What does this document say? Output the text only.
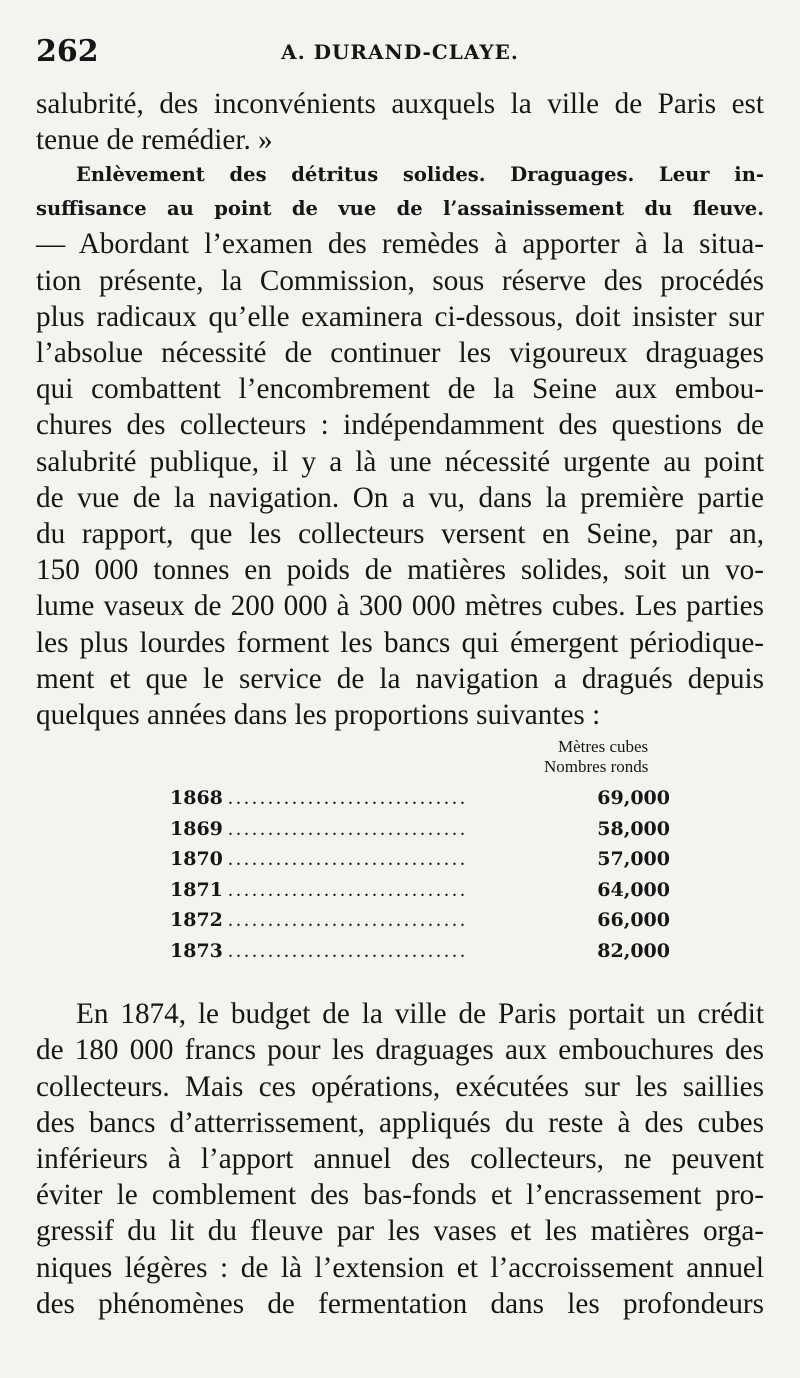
262	A. DURAND-CLAYE.
salubrité, des inconvénients auxquels la ville de Paris est
tenue de remédier. »
Enlèvement des détritus solides. Draguages. Leur in-
suffisance au point de vue de l’assainissement du fleuve.
— Abordant l’examen des remèdes à apporter à la situa-
tion présente, la Commission, sous réserve des procédés
plus radicaux qu’elle examinera ci-dessous, doit insister sur
l’absolue nécessité de continuer les vigoureux draguages
qui combattent l’encombrement de la Seine aux embou-
chures des collecteurs : indépendamment des questions de
salubrité publique, il y a là une nécessité urgente au point
de vue de la navigation. On a vu, dans la première partie
du rapport, que les collecteurs versent en Seine, par an,
150 000 tonnes en poids de matières solides, soit un vo-
lume vaseux de 200 000 à 300 000 mètres cubes. Les parties
les plus lourdes forment les bancs qui émergent périodique-
ment et que le service de la navigation a dragués depuis
quelques années dans les proportions suivantes :
Mètres cubes
Nombres ronds
1868 ..............................	69,000
1869 ..............................	58,000
1870 ..............................	57,000
1871 ..............................	64,000
1872 ..............................	66,000
1873 ..............................	82,000
En 1874, le budget de la ville de Paris portait un crédit
de 180 000 francs pour les draguages aux embouchures des
collecteurs. Mais ces opérations, exécutées sur les saillies
des bancs d’atterrissement, appliqués du reste à des cubes
inférieurs à l’apport annuel des collecteurs, ne peuvent
éviter le comblement des bas-fonds et l’encrassement pro-
gressif du lit du fleuve par les vases et les matières orga-
niques légères : de là l’extension et l’accroissement annuel
des phénomènes de fermentation dans les profondeurs
